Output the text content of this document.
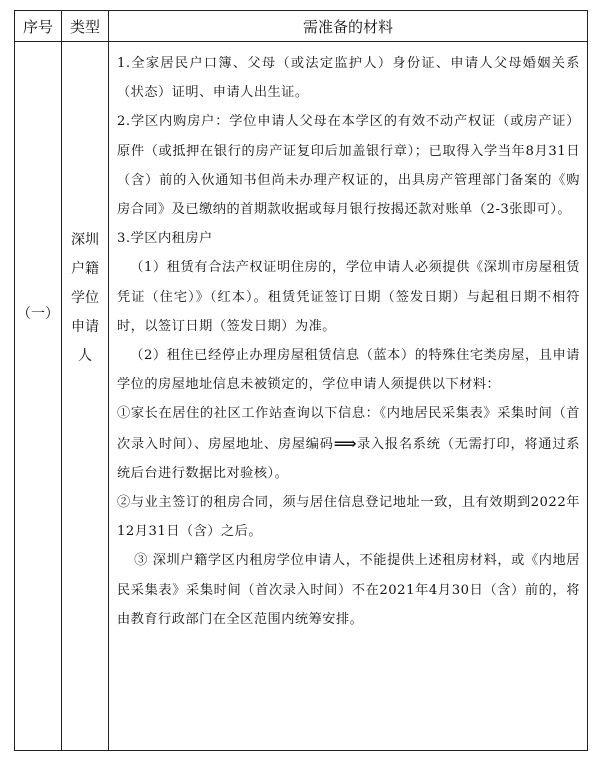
序号	类型	需准备的材料
（一）
深圳
户籍
学位
申请
人

1.全家居民户口簿、父母（或法定监护人）身份证、申请人父母婚姻关系（状态）证明、申请人出生证。

2.学区内购房户：学位申请人父母在本学区的有效不动产权证（或房产证）原件（或抵押在银行的房产证复印后加盖银行章）；已取得入学当年8月31日（含）前的入伙通知书但尚未办理产权证的，出具房产管理部门备案的《购房合同》及已缴纳的首期款收据或每月银行按揭还款对账单（2-3张即可）。

3.学区内租房户

（1）租赁有合法产权证明住房的，学位申请人必须提供《深圳市房屋租赁凭证（住宅）》（红本）。租赁凭证签订日期（签发日期）与起租日期不相符时，以签订日期（签发日期）为准。

（2）租住已经停止办理房屋租赁信息（蓝本）的特殊住宅类房屋，且申请学位的房屋地址信息未被锁定的，学位申请人须提供以下材料：

①家长在居住的社区工作站查询以下信息：《内地居民采集表》采集时间（首次录入时间）、房屋地址、房屋编码⟹录入报名系统（无需打印，将通过系统后台进行数据比对验核）。

②与业主签订的租房合同，须与居住信息登记地址一致，且有效期到2022年12月31日（含）之后。

③ 深圳户籍学区内租房学位申请人，不能提供上述租房材料，或《内地居民采集表》采集时间（首次录入时间）不在2021年4月30日（含）前的，将由教育行政部门在全区范围内统筹安排。
